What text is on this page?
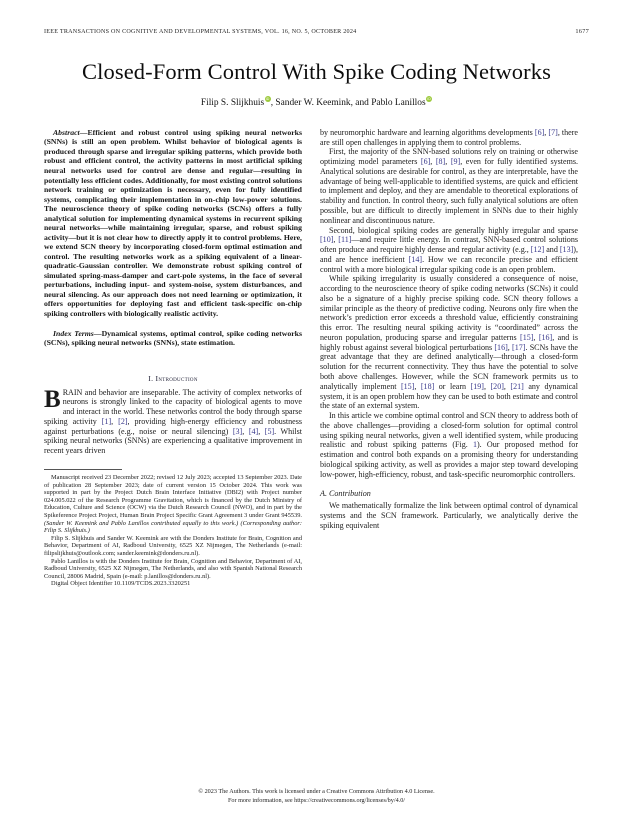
IEEE TRANSACTIONS ON COGNITIVE AND DEVELOPMENTAL SYSTEMS, VOL. 16, NO. 5, OCTOBER 2024	1677
Closed-Form Control With Spike Coding Networks
Filip S. Slijkhuis iD , Sander W. Keemink, and Pablo LanillosiD

Abstract—Efficient and robust control using spiking neural networks (SNNs) is still an open problem. Whilst behavior of biological agents is produced through sparse and irregular spiking patterns, which provide both robust and efficient control, the activity patterns in most artificial spiking neural networks used for control are dense and regular—resulting in potentially less efficient codes. Additionally, for most existing control solutions network training or optimization is necessary, even for fully identified systems, complicating their implementation in on-chip low-power solutions. The neuroscience theory of spike coding networks (SCNs) offers a fully analytical solution for implementing dynamical systems in recurrent spiking neural networks—while maintaining irregular, sparse, and robust spiking activity—but it is not clear how to directly apply it to control problems. Here, we extend SCN theory by incorporating closed-form optimal estimation and control. The resulting networks work as a spiking equivalent of a linear-quadratic-Gaussian controller. We demonstrate robust spiking control of simulated spring-mass-damper and cart-pole systems, in the face of several perturbations, including input- and system-noise, system disturbances, and neural silencing. As our approach does not need learning or optimization, it offers opportunities for deploying fast and efficient task-specific on-chip spiking controllers with biologically realistic activity.

Index Terms—Dynamical systems, optimal control, spike coding networks (SCNs), spiking neural networks (SNNs), state estimation.

I. Introduction

BRAIN and behavior are inseparable. The activity of complex networks of neurons is strongly linked to the capacity of biological agents to move and interact in the world. These networks control the body through sparse spiking activity [1], [2], providing high-energy efficiency and robustness against perturbations (e.g., noise or neural silencing) [3], [4], [5]. Whilst spiking neural networks (SNNs) are experiencing a qualitative improvement in recent years driven

Manuscript received 23 December 2022; revised 12 July 2023; accepted 13 September 2023. Date of publication 28 September 2023; date of current version 15 October 2024. This work was supported in part by the Project Dutch Brain Interface Initiative (DBI2) with Project number 024.005.022 of the Research Programme Gravitation, which is financed by the Dutch Ministry of Education, Culture and Science (OCW) via the Dutch Research Council (NWO), and in part by the Spikeference Project Project, Human Brain Project Specific Grant Agreement 3 under Grant 945539. (Sander W. Keemink and Pablo Lanillos contributed equally to this work.) (Corresponding author: Filip S. Slijkhuis.)

Filip S. Slijkhuis and Sander W. Keemink are with the Donders Institute for Brain, Cognition and Behavior, Department of AI, Radboud University, 6525 XZ Nijmegen, The Netherlands (e-mail: filipslijkhuis@outlook.com; sander.keemink@donders.ru.nl).

Pablo Lanillos is with the Donders Institute for Brain, Cognition and Behavior, Department of AI, Radboud University, 6525 XZ Nijmegen, The Netherlands, and also with Spanish National Research Council, 28006 Madrid, Spain (e-mail: p.lanillos@donders.ru.nl).

Digital Object Identifier 10.1109/TCDS.2023.3320251

by neuromorphic hardware and learning algorithms developments [6], [7], there are still open challenges in applying them to control problems.

First, the majority of the SNN-based solutions rely on training or otherwise optimizing model parameters [6], [8], [9], even for fully identified systems. Analytical solutions are desirable for control, as they are interpretable, have the advantage of being well-applicable to identified systems, are quick and efficient to implement and deploy, and they are amendable to theoretical explorations of stability and function. In control theory, such fully analytical solutions are often possible, but are difficult to directly implement in SNNs due to their highly nonlinear and discontinuous nature.

Second, biological spiking codes are generally highly irregular and sparse [10], [11]—and require little energy. In contrast, SNN-based control solutions often produce and require highly dense and regular activity (e.g., [12] and [13]), and are hence inefficient [14]. How we can reconcile precise and efficient control with a more biological irregular spiking code is an open problem.

While spiking irregularity is usually considered a consequence of noise, according to the neuroscience theory of spike coding networks (SCNs) it could also be a signature of a highly precise spiking code. SCN theory follows a similar principle as the theory of predictive coding. Neurons only fire when the network’s prediction error exceeds a threshold value, efficiently constraining this error. The resulting neural spiking activity is “coordinated” across the neuron population, producing sparse and irregular patterns [15], [16], and is highly robust against several biological perturbations [16], [17]. SCNs have the great advantage that they are defined analytically—through a closed-form solution for the recurrent connectivity. They thus have the potential to solve both above challenges. However, while the SCN framework permits us to analytically implement [15], [18] or learn [19], [20], [21] any dynamical system, it is an open problem how they can be used to both estimate and control the state of an external system.

In this article we combine optimal control and SCN theory to address both of the above challenges—providing a closed-form solution for optimal control using spiking neural networks, given a well identified system, while producing realistic and robust spiking patterns (Fig. 1). Our proposed method for estimation and control both expands on a promising theory for understanding biological spiking activity, as well as provides a major step toward developing low-power, high-efficiency, robust, and task-specific neuromorphic controllers.

A. Contribution

We mathematically formalize the link between optimal control of dynamical systems and the SCN framework. Particularly, we analytically derive the spiking equivalent

© 2023 The Authors. This work is licensed under a Creative Commons Attribution 4.0 License.
For more information, see https://creativecommons.org/licenses/by/4.0/
